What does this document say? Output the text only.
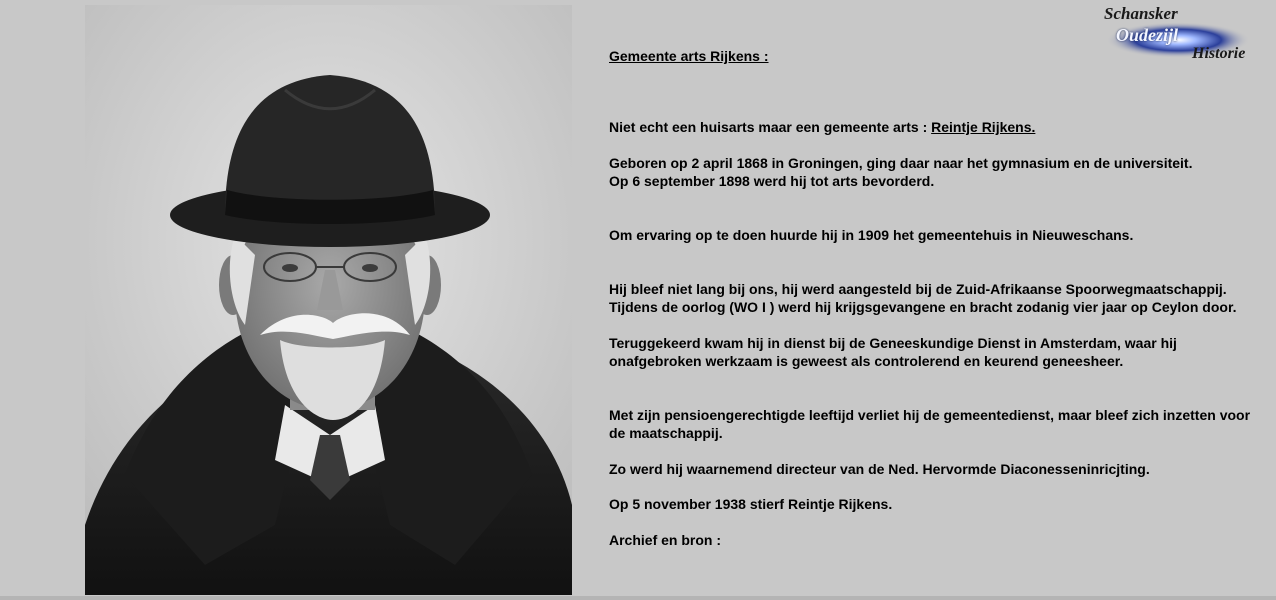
Schansker
Oudezijl
Historie

Gemeente arts Rijkens :

Niet echt een huisarts maar een gemeente arts : Reintje Rijkens.

Geboren op 2 april 1868 in Groningen, ging daar naar het gymnasium en de universiteit.

Op 6 september 1898 werd hij tot arts bevorderd.

Om ervaring op te doen huurde hij in 1909 het gemeentehuis in Nieuweschans.

Hij bleef niet lang bij ons, hij werd aangesteld bij de Zuid-Afrikaanse Spoorwegmaatschappij.

Tijdens de oorlog (WO I ) werd hij krijgsgevangene en bracht zodanig vier jaar op Ceylon door.

Teruggekeerd kwam hij in dienst bij de Geneeskundige Dienst in Amsterdam, waar hij onafgebroken werkzaam is geweest als controlerend en keurend geneesheer.

Met zijn pensioengerechtigde leeftijd verliet hij de gemeentedienst, maar bleef zich inzetten voor de maatschappij.

Zo werd hij waarnemend directeur van de Ned. Hervormde Diaconesseninricjting.

Op 5 november 1938 stierf Reintje Rijkens.

Archief en bron :
